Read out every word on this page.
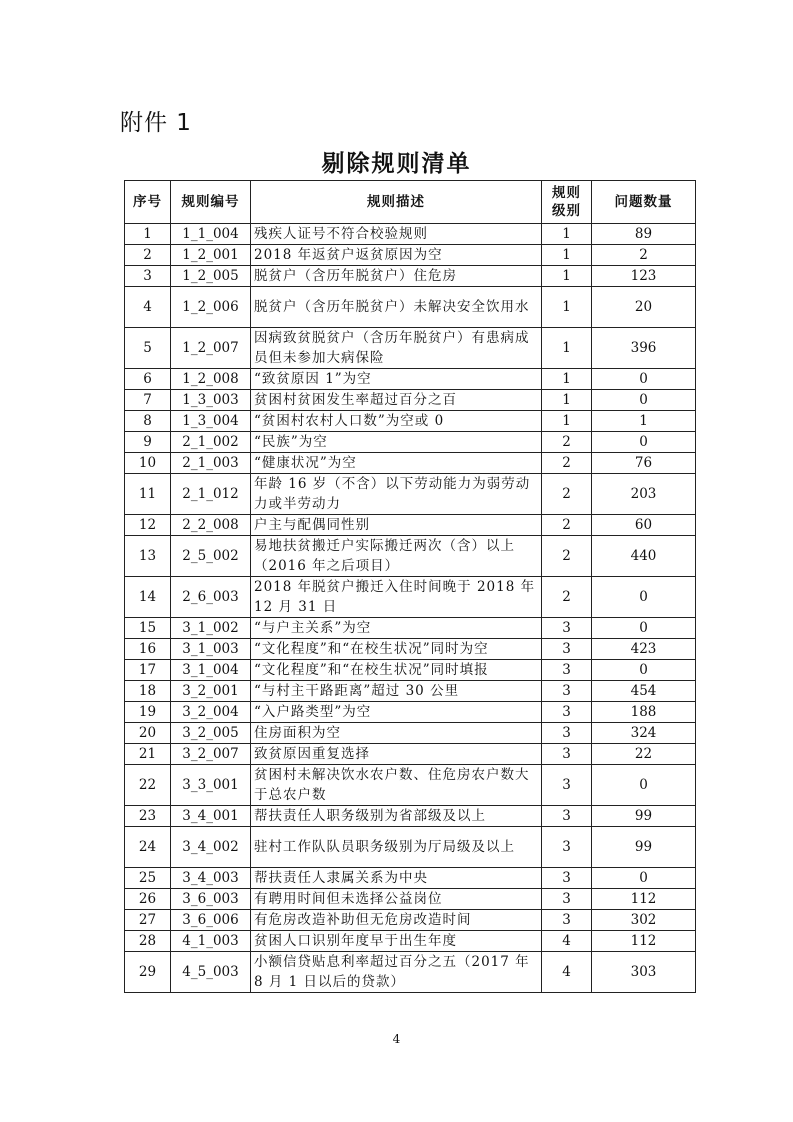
附件 1
剔除规则清单
序号	规则编号	规则描述	规则级别	问题数量
1	1_1_004	残疾人证号不符合校验规则	1	89
2	1_2_001	2018 年返贫户返贫原因为空	1	2
3	1_2_005	脱贫户（含历年脱贫户）住危房	1	123
4	1_2_006	脱贫户（含历年脱贫户）未解决安全饮用水	1	20
5	1_2_007	因病致贫脱贫户（含历年脱贫户）有患病成员但未参加大病保险	1	396
6	1_2_008	“致贫原因 1”为空	1	0
7	1_3_003	贫困村贫困发生率超过百分之百	1	0
8	1_3_004	“贫困村农村人口数”为空或 0	1	1
9	2_1_002	“民族”为空	2	0
10	2_1_003	“健康状况”为空	2	76
11	2_1_012	年龄 16 岁（不含）以下劳动能力为弱劳动力或半劳动力	2	203
12	2_2_008	户主与配偶同性别	2	60
13	2_5_002	易地扶贫搬迁户实际搬迁两次（含）以上（2016 年之后项目）	2	440
14	2_6_003	2018 年脱贫户搬迁入住时间晚于 2018 年 12 月 31 日	2	0
15	3_1_002	“与户主关系”为空	3	0
16	3_1_003	“文化程度”和“在校生状况”同时为空	3	423
17	3_1_004	“文化程度”和“在校生状况”同时填报	3	0
18	3_2_001	“与村主干路距离”超过 30 公里	3	454
19	3_2_004	“入户路类型”为空	3	188
20	3_2_005	住房面积为空	3	324
21	3_2_007	致贫原因重复选择	3	22
22	3_3_001	贫困村未解决饮水农户数、住危房农户数大于总农户数	3	0
23	3_4_001	帮扶责任人职务级别为省部级及以上	3	99
24	3_4_002	驻村工作队队员职务级别为厅局级及以上	3	99
25	3_4_003	帮扶责任人隶属关系为中央	3	0
26	3_6_003	有聘用时间但未选择公益岗位	3	112
27	3_6_006	有危房改造补助但无危房改造时间	3	302
28	4_1_003	贫困人口识别年度早于出生年度	4	112
29	4_5_003	小额信贷贴息利率超过百分之五（2017 年 8 月 1 日以后的贷款）	4	303
4
